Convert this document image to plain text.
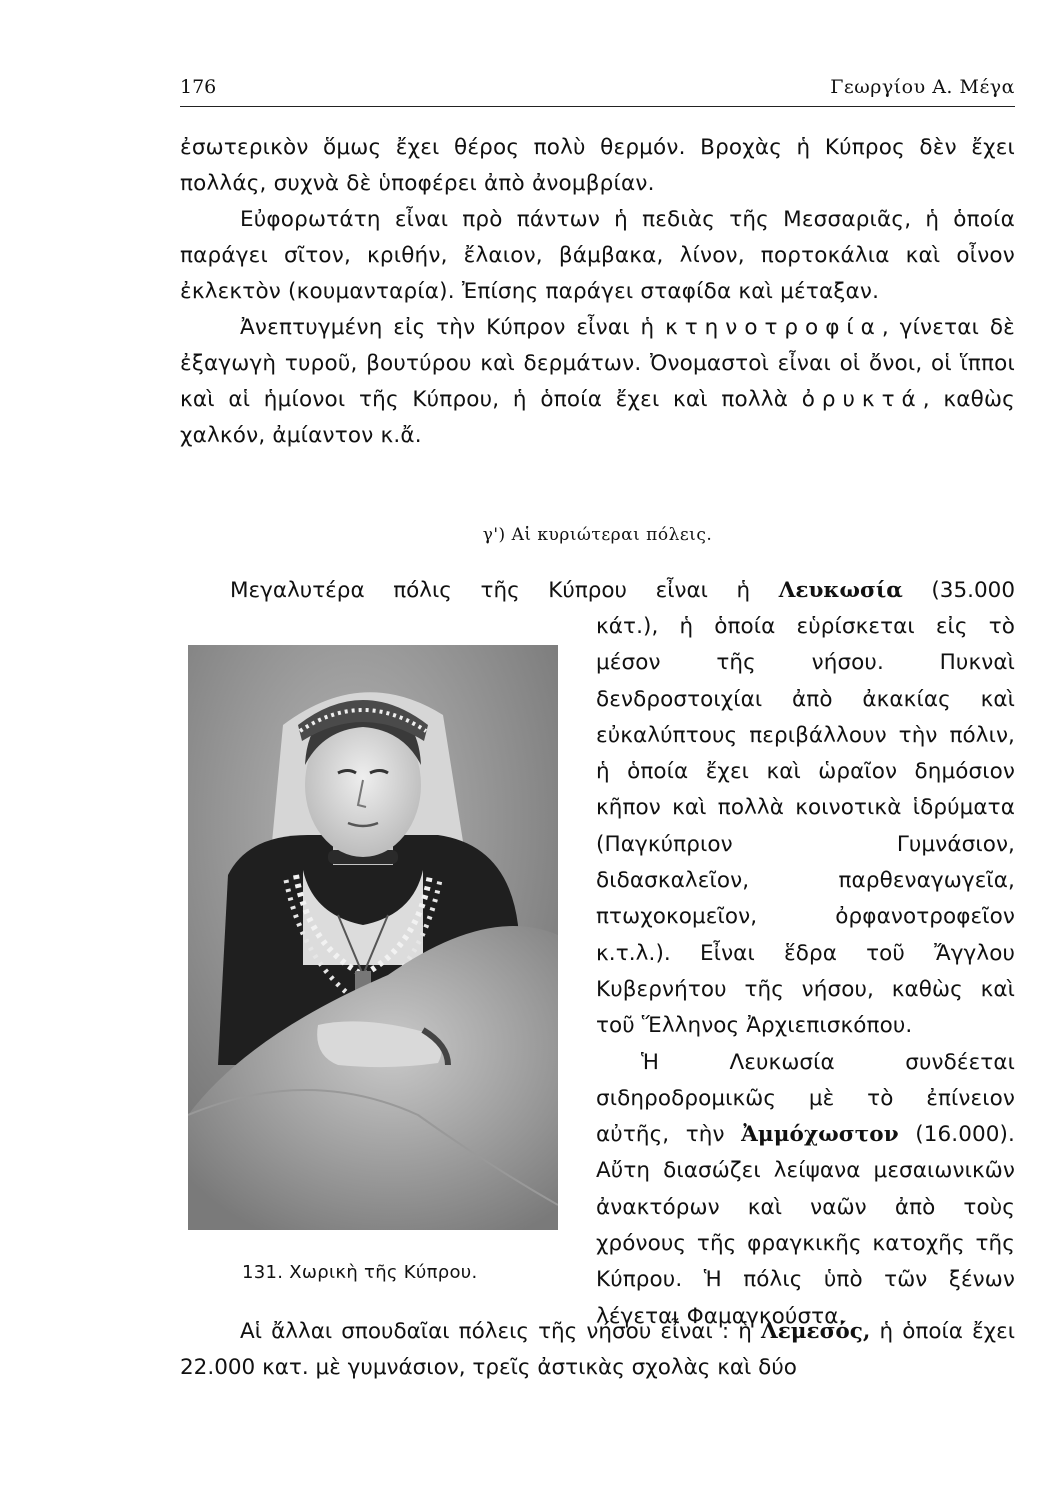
176	Γεωργίου Α. Μέγα

ἐσωτερικὸν ὅμως ἔχει θέρος πολὺ θερμόν. Βροχὰς ἡ Κύπρος δὲν ἔχει πολλάς, συχνὰ δὲ ὑποφέρει ἀπὸ ἀνομβρίαν.

Εὐφορωτάτη εἶναι πρὸ πάντων ἡ πεδιὰς τῆς Μεσσαριᾶς, ἡ ὁποία παράγει σῖτον, κριθήν, ἔλαιον, βάμβακα, λίνον, πορτοκάλια καὶ οἶνον ἐκλεκτὸν (κουμανταρία). Ἐπίσης παράγει σταφίδα καὶ μέταξαν.

Ἀνεπτυγμένη εἰς τὴν Κύπρον εἶναι ἡ κτηνοτροφία, γίνεται δὲ ἐξαγωγὴ τυροῦ, βουτύρου καὶ δερμάτων. Ὀνομαστοὶ εἶναι οἱ ὄνοι, οἱ ἵπποι καὶ αἱ ἡμίονοι τῆς Κύπρου, ἡ ὁποία ἔχει καὶ πολλὰ ὀρυκτά, καθὼς χαλκόν, ἀμίαντον κ.ἄ.

γ') Αἱ κυριώτεραι πόλεις.
Μεγαλυτέρα πόλις τῆς Κύπρου εἶναι ἡ Λευκωσία (35.000
131. Χωρικὴ τῆς Κύπρου.

κάτ.), ἡ ὁποία εὑρίσκεται εἰς τὸ μέσον τῆς νήσου. Πυκναὶ δενδροστοιχίαι ἀπὸ ἀκακίας καὶ εὐκαλύπτους περιβάλλουν τὴν πόλιν, ἡ ὁποία ἔχει καὶ ὡραῖον δημόσιον κῆπον καὶ πολλὰ κοινοτικὰ ἱδρύματα (Παγκύπριον Γυμνάσιον, διδασκαλεῖον, παρθεναγωγεῖα, πτωχοκομεῖον, ὀρφανοτροφεῖον κ.τ.λ.). Εἶναι ἕδρα τοῦ Ἄγγλου Κυβερνήτου τῆς νήσου, καθὼς καὶ τοῦ Ἕλληνος Ἀρχιεπισκόπου.

Ἡ Λευκωσία συνδέεται σιδηροδρομικῶς μὲ τὸ ἐπίνειον αὐτῆς, τὴν Ἀμμόχωστον (16.000). Αὔτη διασώζει λείψανα μεσαιωνικῶν ἀνακτόρων καὶ ναῶν ἀπὸ τοὺς χρόνους τῆς φραγκικῆς κατοχῆς τῆς Κύπρου. Ἡ πόλις ὑπὸ τῶν ξένων λέγεται Φαμαγκούστα.

Αἱ ἄλλαι σπουδαῖαι πόλεις τῆς νήσου εἶναι : ἡ Λεμεσός, ἡ ὁποία ἔχει 22.000 κατ. μὲ γυμνάσιον, τρεῖς ἀστικὰς σχολὰς καὶ δύο
